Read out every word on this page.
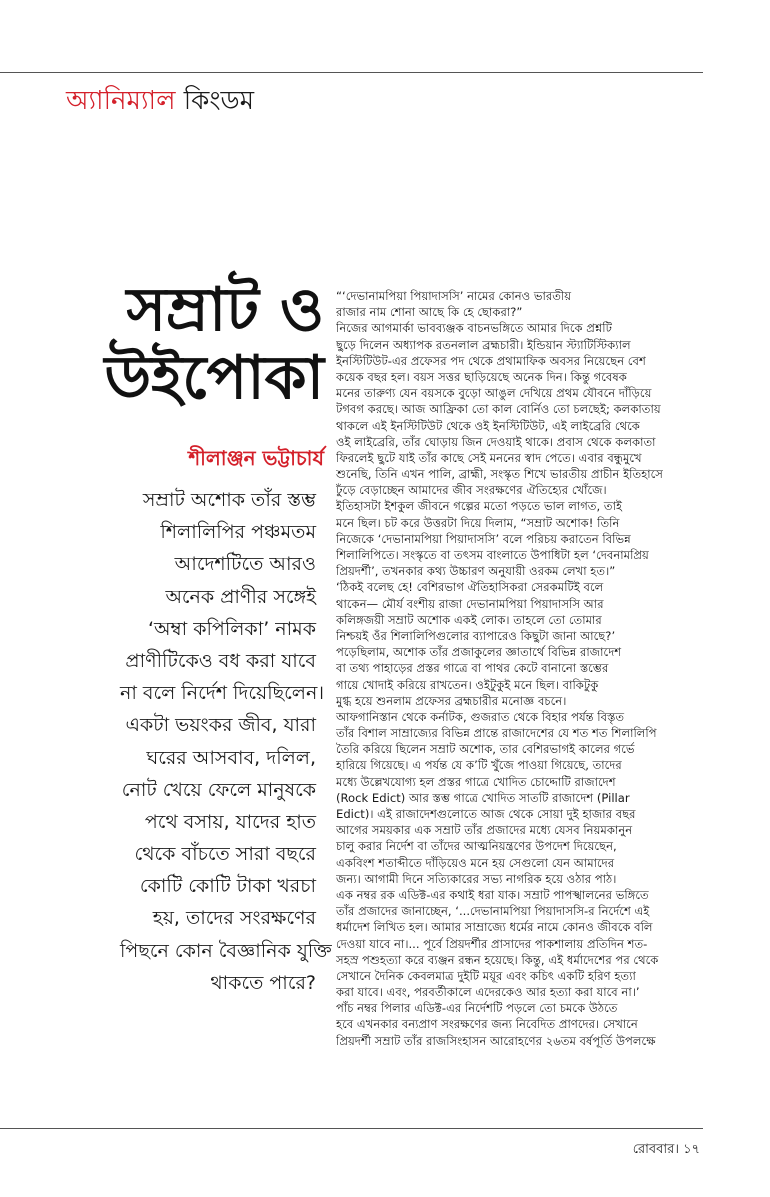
অ্যানিম্যাল কিংডম
সম্রাট ও
উইপোকা
শীলাঞ্জন ভট্টাচার্য
সম্রাট অশোক তাঁর স্তম্ভ
শিলালিপির পঞ্চমতম
আদেশটিতে আরও
অনেক প্রাণীর সঙ্গেই
‘অম্বা কপিলিকা’ নামক
প্রাণীটিকেও বধ করা যাবে
না বলে নির্দেশ দিয়েছিলেন।
একটা ভয়ংকর জীব, যারা
ঘরের আসবাব, দলিল,
নোট খেয়ে ফেলে মানুষকে
পথে বসায়, যাদের হাত
থেকে বাঁচতে সারা বছরে
কোটি কোটি টাকা খরচা
হয়, তাদের সংরক্ষণের
পিছনে কোন বৈজ্ঞানিক যুক্তি
থাকতে পারে?
“‘দেভানামপিয়া পিয়াদাসসি’ নামের কোনও ভারতীয়
রাজার নাম শোনা আছে কি হে ছোকরা?”
নিজের আগমার্কা ভাবব্যঞ্জক বাচনভঙ্গিতে আমার দিকে প্রশ্নটি
ছুড়ে দিলেন অধ্যাপক রতনলাল ব্রহ্মচারী। ইন্ডিয়ান স্ট্যাটিস্টিক্যাল
ইনস্টিটিউট-এর প্রফেসর পদ থেকে প্রথামাফিক অবসর নিয়েছেন বেশ
কয়েক বছর হল। বয়স সত্তর ছাড়িয়েছে অনেক দিন। কিন্তু গবেষক
মনের তারুণ্য যেন বয়সকে বুড়ো আঙুল দেখিয়ে প্রথম যৌবনে দাঁড়িয়ে
টগবগ করছে। আজ আফ্রিকা তো কাল বোর্নিও তো চলছেই; কলকাতায়
থাকলে এই ইনস্টিটিউট থেকে ওই ইনস্টিটিউট, এই লাইব্রেরি থেকে
ওই লাইব্রেরি, তাঁর ঘোড়ায় জিন দেওয়াই থাকে। প্রবাস থেকে কলকাতা
ফিরলেই ছুটে যাই তাঁর কাছে সেই মননের স্বাদ পেতে। এবার বন্ধুমুখে
শুনেছি, তিনি এখন পালি, ব্রাহ্মী, সংস্কৃত শিখে ভারতীয় প্রাচীন ইতিহাসে
ঢুঁড়ে বেড়াচ্ছেন আমাদের জীব সংরক্ষণের ঐতিহ্যের খোঁজে।
ইতিহাসটা ইশকুল জীবনে গল্পের মতো পড়তে ভাল লাগত, তাই
মনে ছিল। চট করে উত্তরটা দিয়ে দিলাম, “সম্রাট অশোক! তিনি
নিজেকে ‘দেভানামপিয়া পিয়াদাসসি’ বলে পরিচয় করাতেন বিভিন্ন
শিলালিপিতে। সংস্কৃতে বা তৎসম বাংলাতে উপাধিটা হল ‘দেবনামপ্রিয়
প্রিয়দর্শী’, তখনকার কথ্য উচ্চারণ অনুযায়ী ওরকম লেখা হত।”
‘ঠিকই বলেছ হে! বেশিরভাগ ঐতিহাসিকরা সেরকমটিই বলে
থাকেন— মৌর্য বংশীয় রাজা দেভানামপিয়া পিয়াদাসসি আর
কলিঙ্গজয়ী সম্রাট অশোক একই লোক। তাহলে তো তোমার
নিশ্চয়ই ওঁর শিলালিপিগুলোর ব্যাপারেও কিছুটা জানা আছে?’
পড়েছিলাম, অশোক তাঁর প্রজাকুলের জ্ঞাতার্থে বিভিন্ন রাজাদেশ
বা তথ্য পাহাড়ের প্রস্তর গাত্রে বা পাথর কেটে বানানো স্তম্ভের
গায়ে খোদাই করিয়ে রাখতেন। ওইটুকুই মনে ছিল। বাকিটুকু
মুগ্ধ হয়ে শুনলাম প্রফেসর ব্রহ্মচারীর মনোজ্ঞ বচনে।
আফগানিস্তান থেকে কর্নাটক, গুজরাত থেকে বিহার পর্যন্ত বিস্তৃত
তাঁর বিশাল সাম্রাজ্যের বিভিন্ন প্রান্তে রাজাদেশের যে শত শত শিলালিপি
তৈরি করিয়ে ছিলেন সম্রাট অশোক, তার বেশিরভাগই কালের গর্ভে
হারিয়ে গিয়েছে। এ পর্যন্ত যে ক’টি খুঁজে পাওয়া গিয়েছে, তাদের
মধ্যে উল্লেখযোগ্য হল প্রস্তর গাত্রে খোদিত চোদ্দোটি রাজাদেশ
(Rock Edict) আর স্তম্ভ গাত্রে খোদিত সাতটি রাজাদেশ (Pillar
Edict)। এই রাজাদেশগুলোতে আজ থেকে সোয়া দুই হাজার বছর
আগের সময়কার এক সম্রাট তাঁর প্রজাদের মধ্যে যেসব নিয়মকানুন
চালু করার নির্দেশ বা তাঁদের আত্মনিয়ন্ত্রণের উপদেশ দিয়েছেন,
একবিংশ শতাব্দীতে দাঁড়িয়েও মনে হয় সেগুলো যেন আমাদের
জন্য। আগামী দিনে সত্যিকারের সভ্য নাগরিক হয়ে ওঠার পাঠ।
এক নম্বর রক এডিক্ট-এর কথাই ধরা যাক। সম্রাট পাপস্খালনের ভঙ্গিতে
তাঁর প্রজাদের জানাচ্ছেন, ‘...দেভানামপিয়া পিয়াদাসসি-র নির্দেশে এই
ধর্মাদেশ লিখিত হল। আমার সাম্রাজ্যে ধর্মের নামে কোনও জীবকে বলি
দেওয়া যাবে না।... পূর্বে প্রিয়দর্শীর প্রাসাদের পাকশালায় প্রতিদিন শত-
সহস্র পশুহত্যা করে ব্যঞ্জন রন্ধন হয়েছে। কিন্তু, এই ধর্মাদেশের পর থেকে
সেখানে দৈনিক কেবলমাত্র দুইটি ময়ূর এবং কচিৎ একটি হরিণ হত্যা
করা যাবে। এবং, পরবর্তীকালে এদেরকেও আর হত্যা করা যাবে না।’
পাঁচ নম্বর পিলার এডিক্ট-এর নির্দেশটি পড়লে তো চমকে উঠতে
হবে এখনকার বন্যপ্রাণ সংরক্ষণের জন্য নিবেদিত প্রাণদের। সেখানে
প্রিয়দর্শী সম্রাট তাঁর রাজসিংহাসন আরোহণের ২৬তম বর্ষপূর্তি উপলক্ষে
রোববার। ১৭
